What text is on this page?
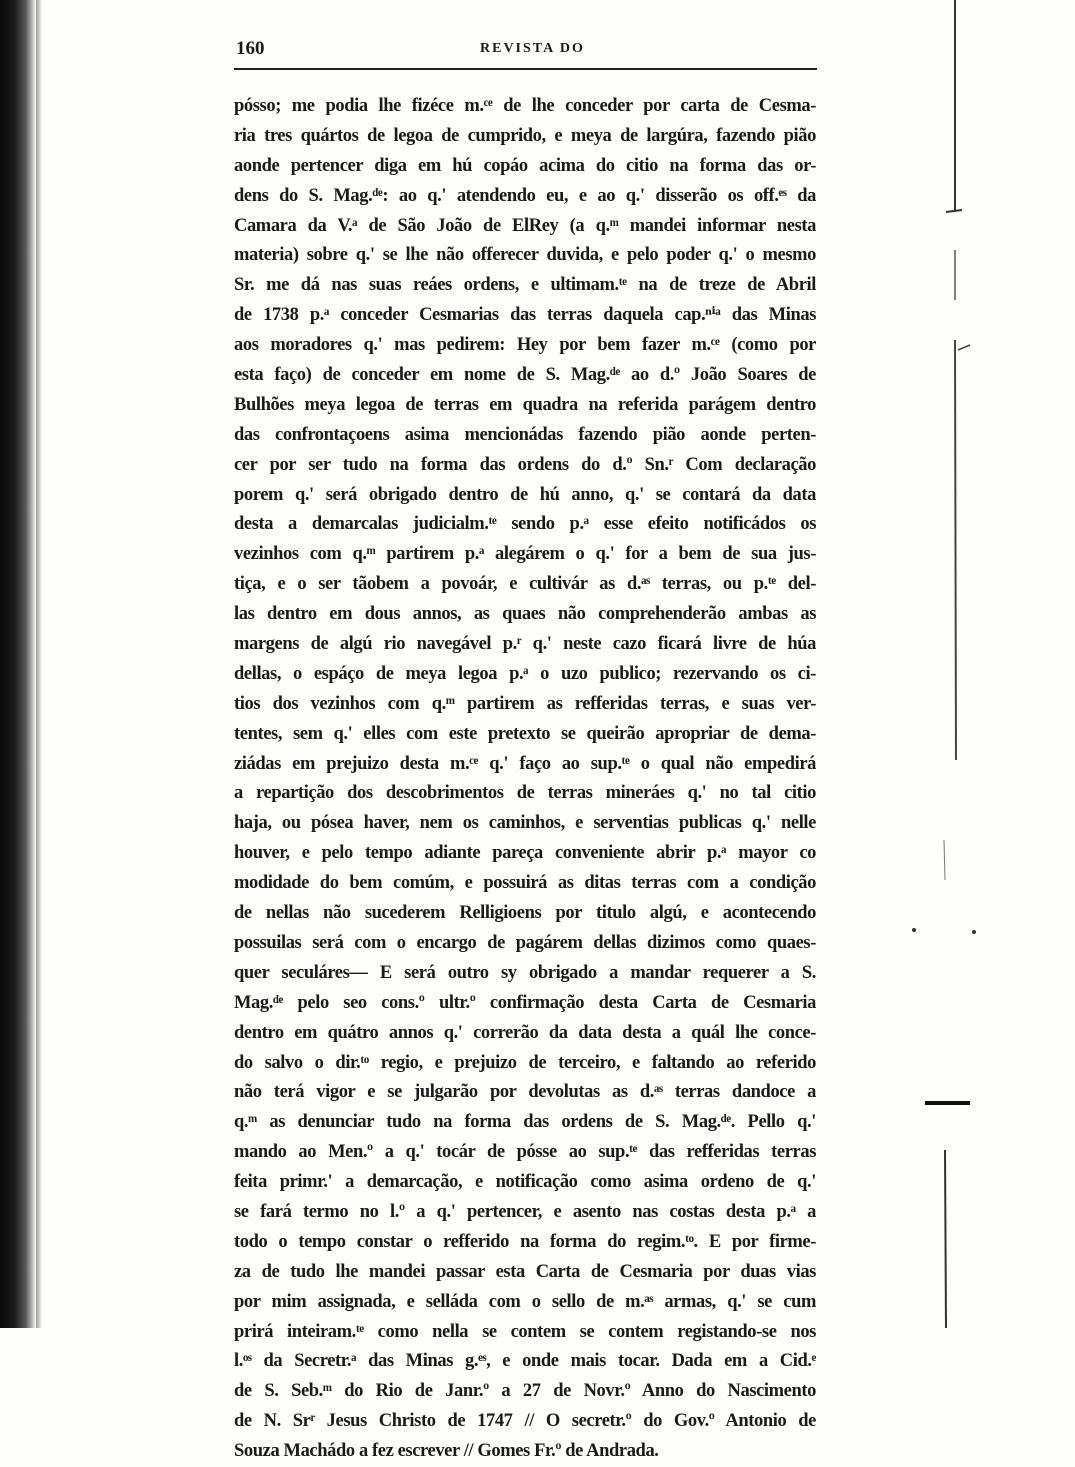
160	REVISTA DO
pósso; me podia lhe fizéce m.ᶜᵉ de lhe conceder por carta de Cesma-
ria tres quártos de legoa de cumprido, e meya de largúra, fazendo pião
aonde pertencer diga em hú copáo acima do citio na forma das or-
dens do S. Mag.ᵈᵉ: ao q.' atendendo eu, e ao q.' disserão os off.ᵉˢ da
Camara da V.ᵃ de São João de ElRey (a q.ᵐ mandei informar nesta
materia) sobre q.' se lhe não offerecer duvida, e pelo poder q.' o mesmo
Sr. me dá nas suas reáes ordens, e ultimam.ᵗᵉ na de treze de Abril
de 1738 p.ᵃ conceder Cesmarias das terras daquela cap.ⁿⁱᵃ das Minas
aos moradores q.' mas pedirem: Hey por bem fazer m.ᶜᵉ (como por
esta faço) de conceder em nome de S. Mag.ᵈᵉ ao d.º João Soares de
Bulhões meya legoa de terras em quadra na referida parágem dentro
das confrontaçoens asima mencionádas fazendo pião aonde perten-
cer por ser tudo na forma das ordens do d.º Sn.ʳ Com declaração
porem q.' será obrigado dentro de hú anno, q.' se contará da data
desta a demarcalas judicialm.ᵗᵉ sendo p.ᵃ esse efeito notificádos os
vezinhos com q.ᵐ partirem p.ᵃ alegárem o q.' for a bem de sua jus-
tiça, e o ser tãobem a povoár, e cultivár as d.ᵃˢ terras, ou p.ᵗᵉ del-
las dentro em dous annos, as quaes não comprehenderão ambas as
margens de algú rio navegável p.ʳ q.' neste cazo ficará livre de húa
dellas, o espáço de meya legoa p.ᵃ o uzo publico; rezervando os ci-
tios dos vezinhos com q.ᵐ partirem as refferidas terras, e suas ver-
tentes, sem q.' elles com este pretexto se queirão apropriar de dema-
ziádas em prejuizo desta m.ᶜᵉ q.' faço ao sup.ᵗᵉ o qual não empedirá
a repartição dos descobrimentos de terras mineráes q.' no tal citio
haja, ou pósea haver, nem os caminhos, e serventias publicas q.' nelle
houver, e pelo tempo adiante pareça conveniente abrir p.ᵃ mayor co
modidade do bem comúm, e possuirá as ditas terras com a condição
de nellas não sucederem Relligioens por titulo algú, e acontecendo
possuilas será com o encargo de pagárem dellas dizimos como quaes-
quer seculáres— E será outro sy obrigado a mandar requerer a S.
Mag.ᵈᵉ pelo seo cons.º ultr.º confirmação desta Carta de Cesmaria
dentro em quátro annos q.' correrão da data desta a quál lhe conce-
do salvo o dir.ᵗᵒ regio, e prejuizo de terceiro, e faltando ao referido
não terá vigor e se julgarão por devolutas as d.ᵃˢ terras dandoce a
q.ᵐ as denunciar tudo na forma das ordens de S. Mag.ᵈᵉ. Pello q.'
mando ao Men.º a q.' tocár de pósse ao sup.ᵗᵉ das refferidas terras
feita primr.' a demarcação, e notificação como asima ordeno de q.'
se fará termo no l.º a q.' pertencer, e asento nas costas desta p.ᵃ a
todo o tempo constar o refferido na forma do regim.ᵗᵒ. E por firme-
za de tudo lhe mandei passar esta Carta de Cesmaria por duas vias
por mim assignada, e selláda com o sello de m.ᵃˢ armas, q.' se cum
prirá inteiram.ᵗᵉ como nella se contem se contem registando-se nos
l.ᵒˢ da Secretr.ᵃ das Minas g.ᵉˢ, e onde mais tocar. Dada em a Cid.ᵉ
de S. Seb.ᵐ do Rio de Janr.º a 27 de Novr.º Anno do Nascimento
de N. Srʳ Jesus Christo de 1747 // O secretr.º do Gov.º Antonio de
Souza Machádo a fez escrever // Gomes Fr.º de Andrada.
